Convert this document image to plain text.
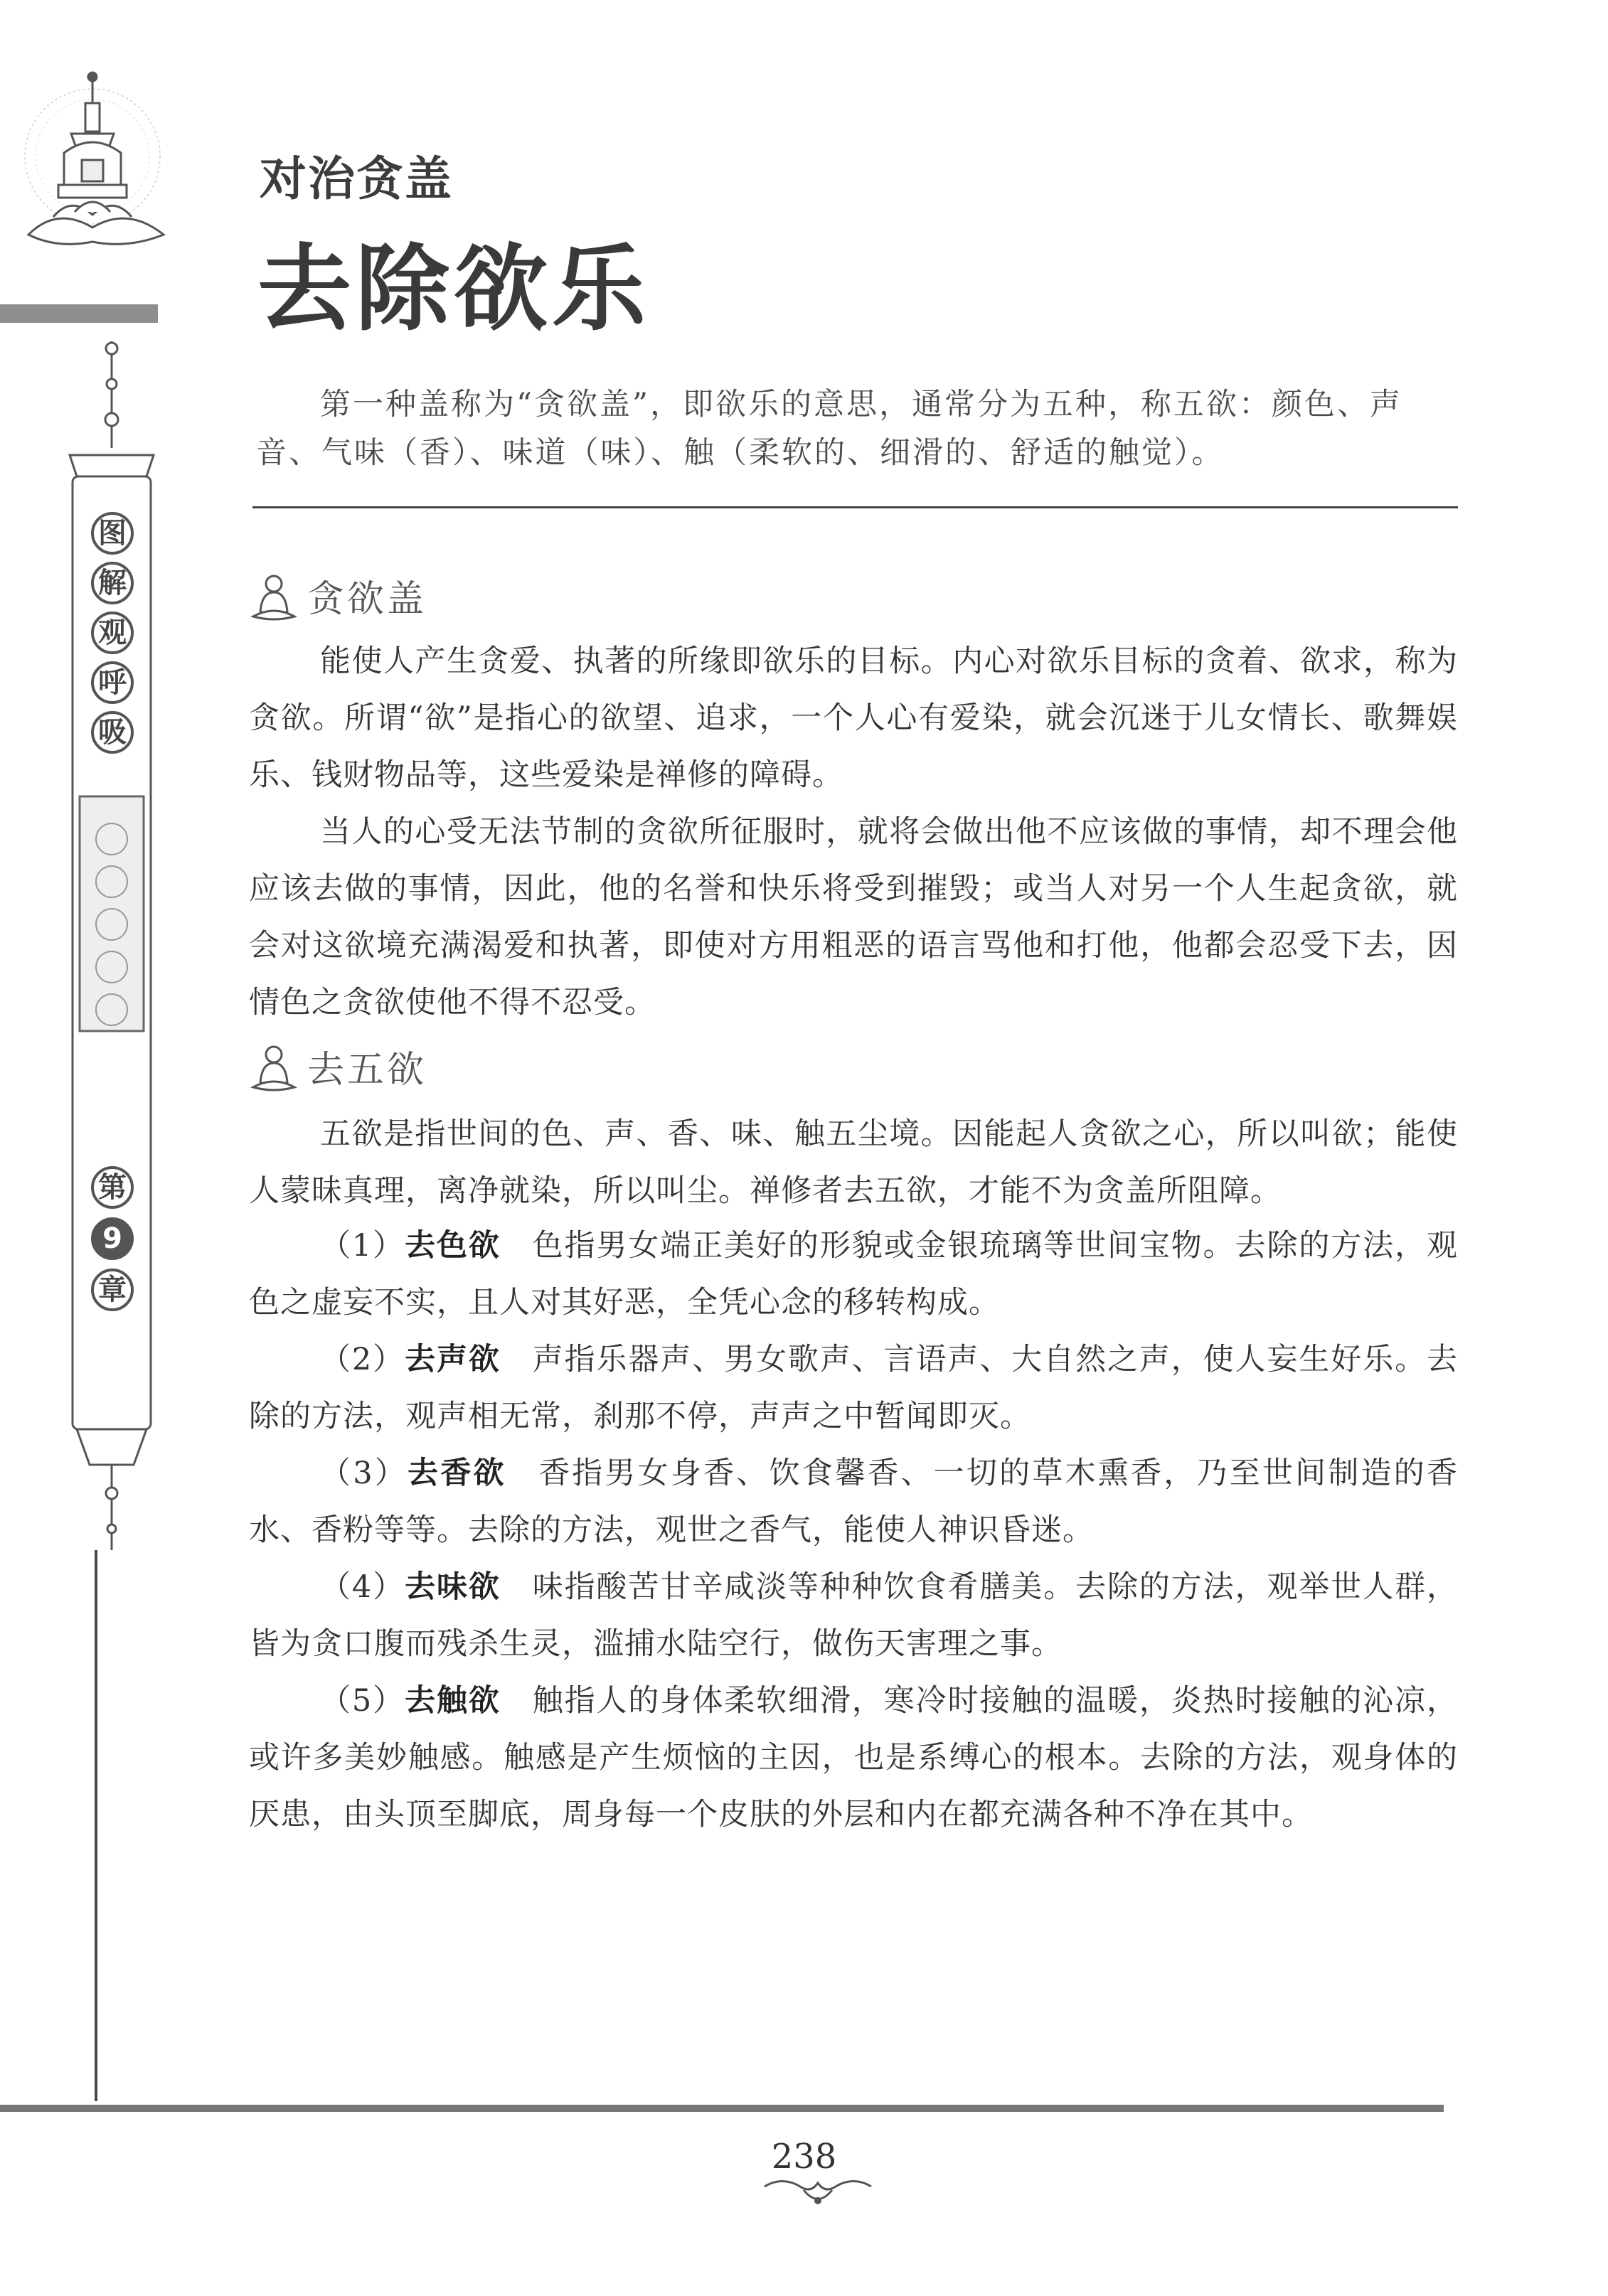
图
解
观
呼
吸
第
9
章
对治贪盖
去除欲乐
第一种盖称为“贪欲盖”，即欲乐的意思，通常分为五种，称五欲：颜色、声音、气味（香）、味道（味）、触（柔软的、细滑的、舒适的触觉）。
贪欲盖

能使人产生贪爱、执著的所缘即欲乐的目标。内心对欲乐目标的贪着、欲求，称为贪欲。所谓“欲”是指心的欲望、追求，一个人心有爱染，就会沉迷于儿女情长、歌舞娱乐、钱财物品等，这些爱染是禅修的障碍。

当人的心受无法节制的贪欲所征服时，就将会做出他不应该做的事情，却不理会他应该去做的事情，因此，他的名誉和快乐将受到摧毁；或当人对另一个人生起贪欲，就会对这欲境充满渴爱和执著，即使对方用粗恶的语言骂他和打他，他都会忍受下去，因情色之贪欲使他不得不忍受。

去五欲

五欲是指世间的色、声、香、味、触五尘境。因能起人贪欲之心，所以叫欲；能使人蒙昧真理，离净就染，所以叫尘。禅修者去五欲，才能不为贪盖所阻障。

（1）去色欲　 色指男女端正美好的形貌或金银琉璃等世间宝物。去除的方法，观色之虚妄不实，且人对其好恶，全凭心念的移转构成。

（2）去声欲　 声指乐器声、男女歌声、言语声、大自然之声，使人妄生好乐。去除的方法，观声相无常，刹那不停，声声之中暂闻即灭。

（3）去香欲　 香指男女身香、饮食馨香、一切的草木熏香，乃至世间制造的香水、香粉等等。去除的方法，观世之香气，能使人神识昏迷。

（4）去味欲　 味指酸苦甘辛咸淡等种种饮食肴膳美。去除的方法，观举世人群，皆为贪口腹而残杀生灵，滥捕水陆空行，做伤天害理之事。

（5）去触欲　 触指人的身体柔软细滑，寒冷时接触的温暖，炎热时接触的沁凉，或许多美妙触感。触感是产生烦恼的主因，也是系缚心的根本。去除的方法，观身体的厌患，由头顶至脚底，周身每一个皮肤的外层和内在都充满各种不净在其中。

238
